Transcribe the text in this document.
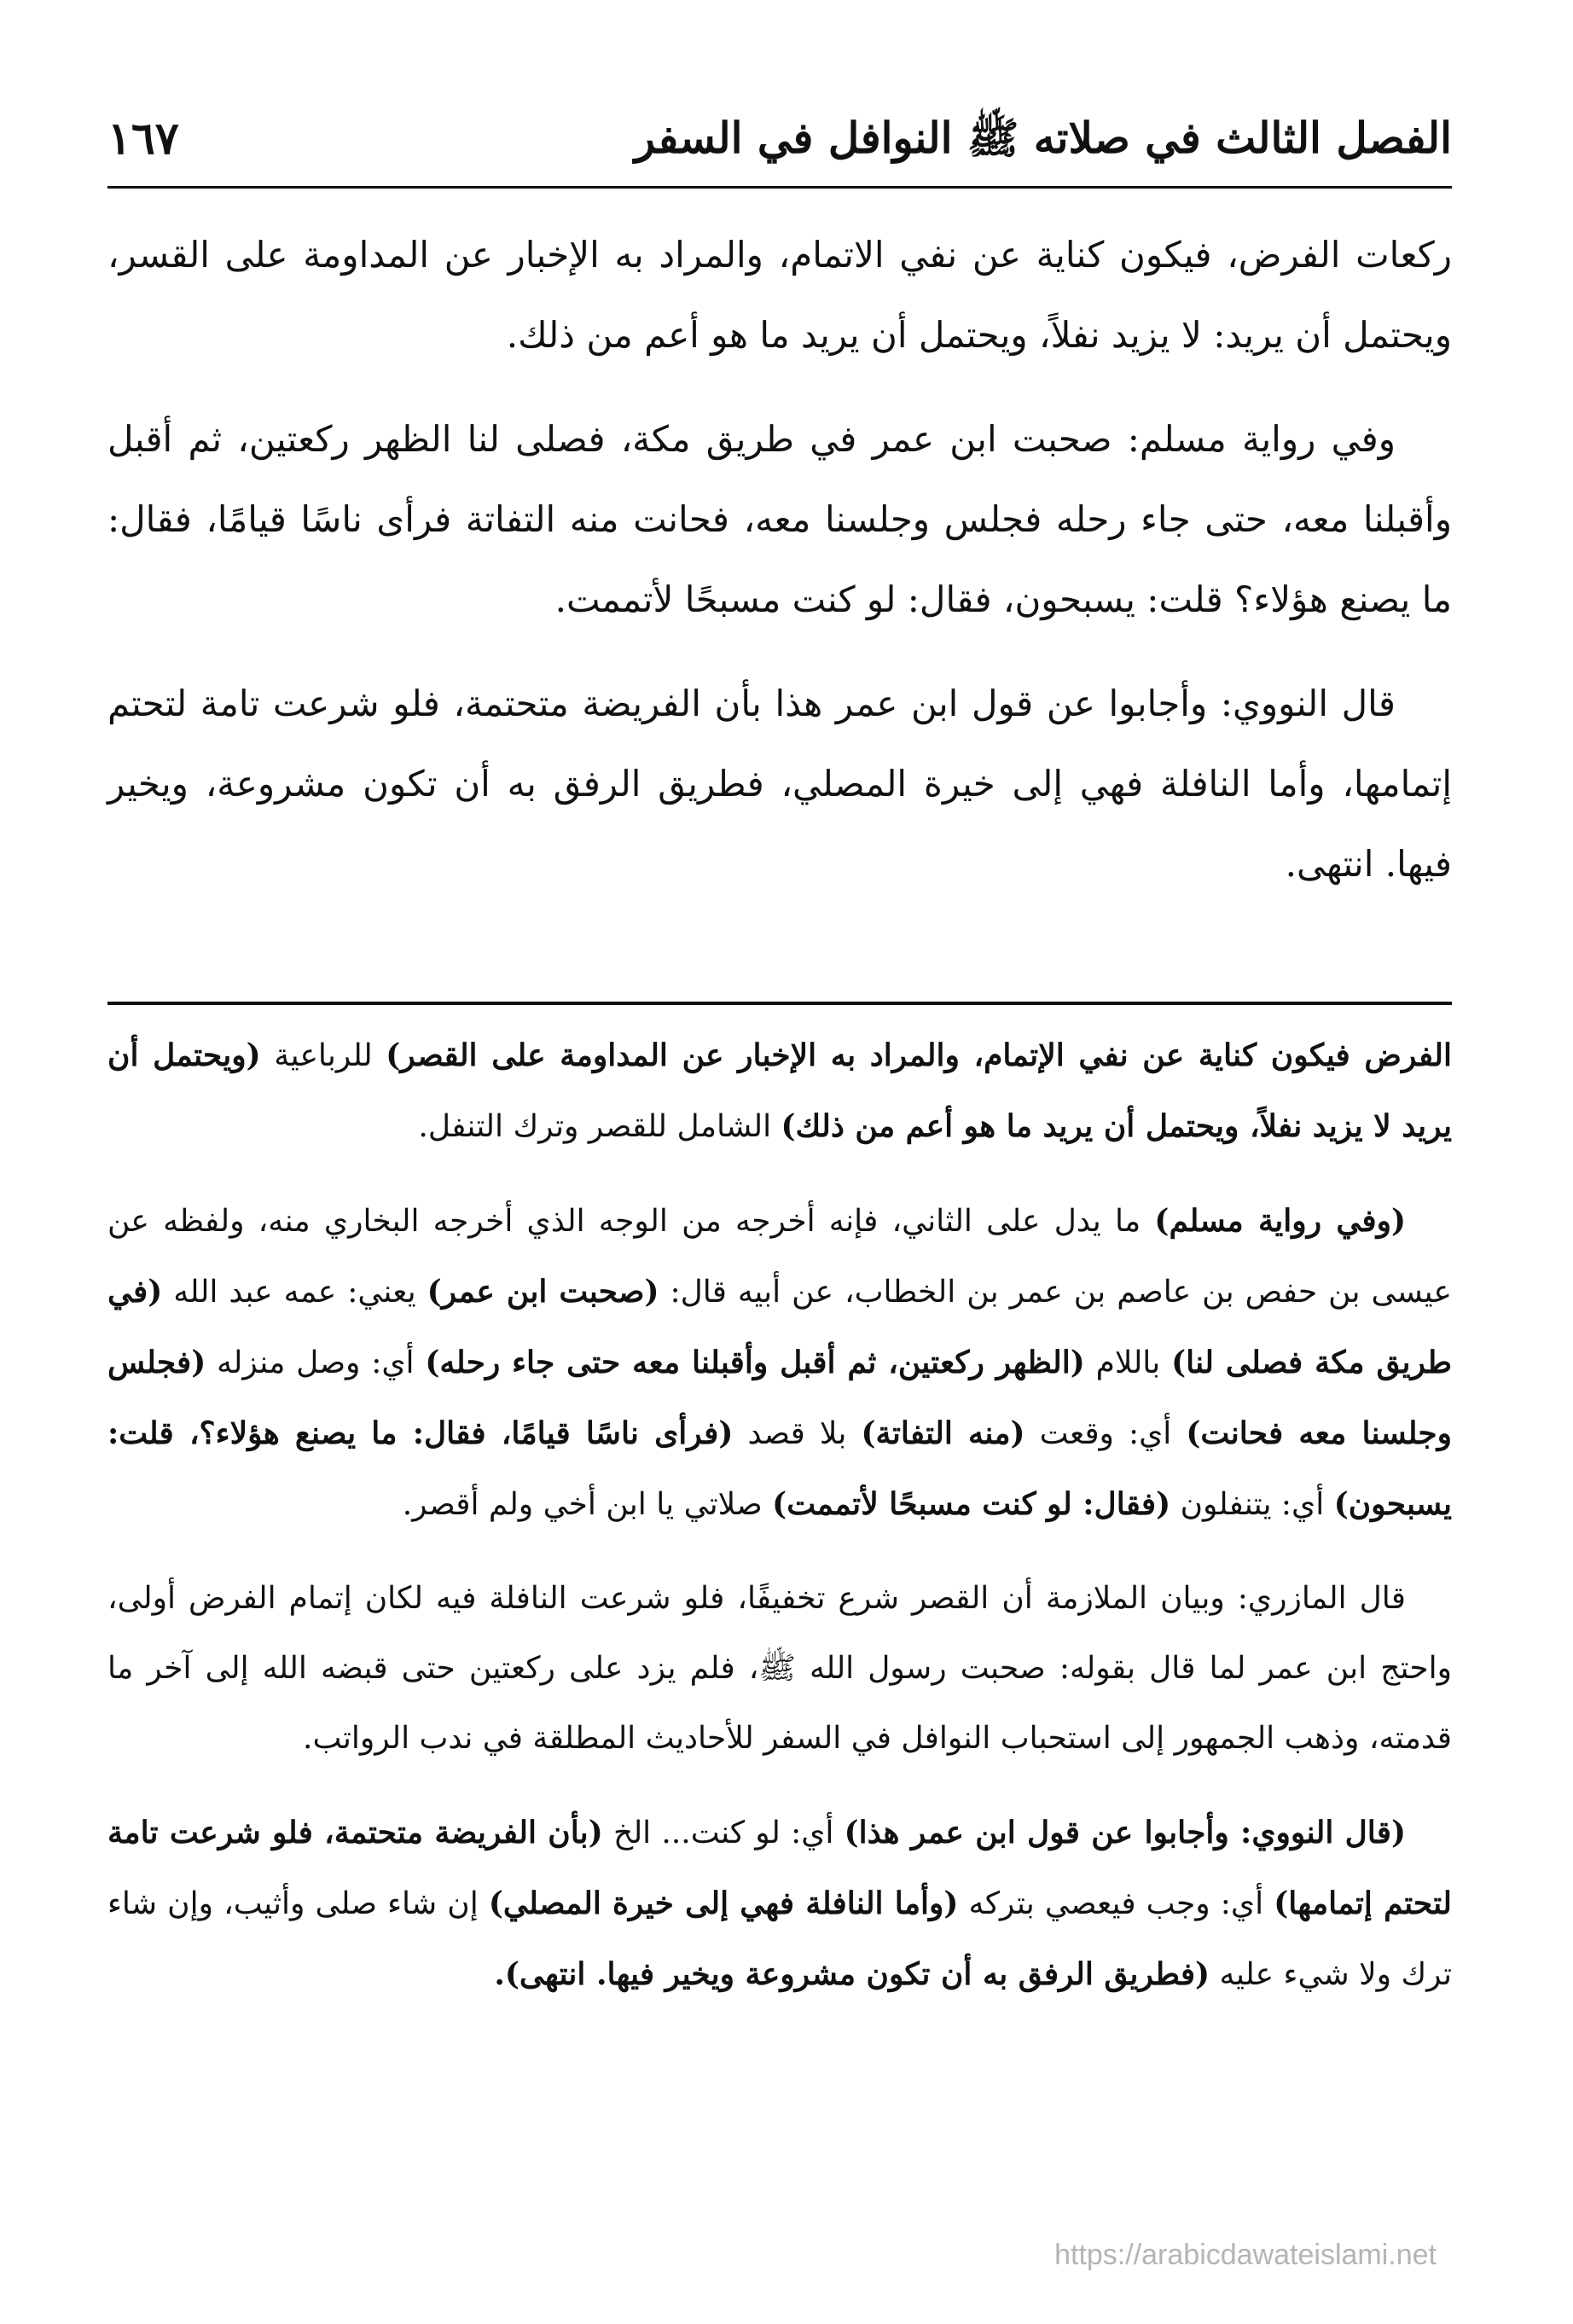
الفصل الثالث في صلاته ﷺ النوافل في السفر
١٦٧

ركعات الفرض، فيكون كناية عن نفي الاتمام، والمراد به الإخبار عن المداومة على القسر، ويحتمل أن يريد: لا يزيد نفلاً، ويحتمل أن يريد ما هو أعم من ذلك.

وفي رواية مسلم: صحبت ابن عمر في طريق مكة، فصلى لنا الظهر ركعتين، ثم أقبل وأقبلنا معه، حتى جاء رحله فجلس وجلسنا معه، فحانت منه التفاتة فرأى ناسًا قيامًا، فقال: ما يصنع هؤلاء؟ قلت: يسبحون، فقال: لو كنت مسبحًا لأتممت.

قال النووي: وأجابوا عن قول ابن عمر هذا بأن الفريضة متحتمة، فلو شرعت تامة لتحتم إتمامها، وأما النافلة فهي إلى خيرة المصلي، فطريق الرفق به أن تكون مشروعة، ويخير فيها. انتهى.

الفرض فيكون كناية عن نفي الإتمام، والمراد به الإخبار عن المداومة على القصر) للرباعية (ويحتمل أن يريد لا يزيد نفلاً، ويحتمل أن يريد ما هو أعم من ذلك) الشامل للقصر وترك التنفل.

(وفي رواية مسلم) ما يدل على الثاني، فإنه أخرجه من الوجه الذي أخرجه البخاري منه، ولفظه عن عيسى بن حفص بن عاصم بن عمر بن الخطاب، عن أبيه قال: (صحبت ابن عمر) يعني: عمه عبد الله (في طريق مكة فصلى لنا) باللام (الظهر ركعتين، ثم أقبل وأقبلنا معه حتى جاء رحله) أي: وصل منزله (فجلس وجلسنا معه فحانت) أي: وقعت (منه التفاتة) بلا قصد (فرأى ناسًا قيامًا، فقال: ما يصنع هؤلاء؟، قلت: يسبحون) أي: يتنفلون (فقال: لو كنت مسبحًا لأتممت) صلاتي يا ابن أخي ولم أقصر.

قال المازري: وبيان الملازمة أن القصر شرع تخفيفًا، فلو شرعت النافلة فيه لكان إتمام الفرض أولى، واحتج ابن عمر لما قال بقوله: صحبت رسول الله ﷺ، فلم يزد على ركعتين حتى قبضه الله إلى آخر ما قدمته، وذهب الجمهور إلى استحباب النوافل في السفر للأحاديث المطلقة في ندب الرواتب.

(قال النووي: وأجابوا عن قول ابن عمر هذا) أي: لو كنت... الخ (بأن الفريضة متحتمة، فلو شرعت تامة لتحتم إتمامها) أي: وجب فيعصي بتركه (وأما النافلة فهي إلى خيرة المصلي) إن شاء صلى وأثيب، وإن شاء ترك ولا شيء عليه (فطريق الرفق به أن تكون مشروعة ويخير فيها. انتهى).

https://arabicdawateislami.net
